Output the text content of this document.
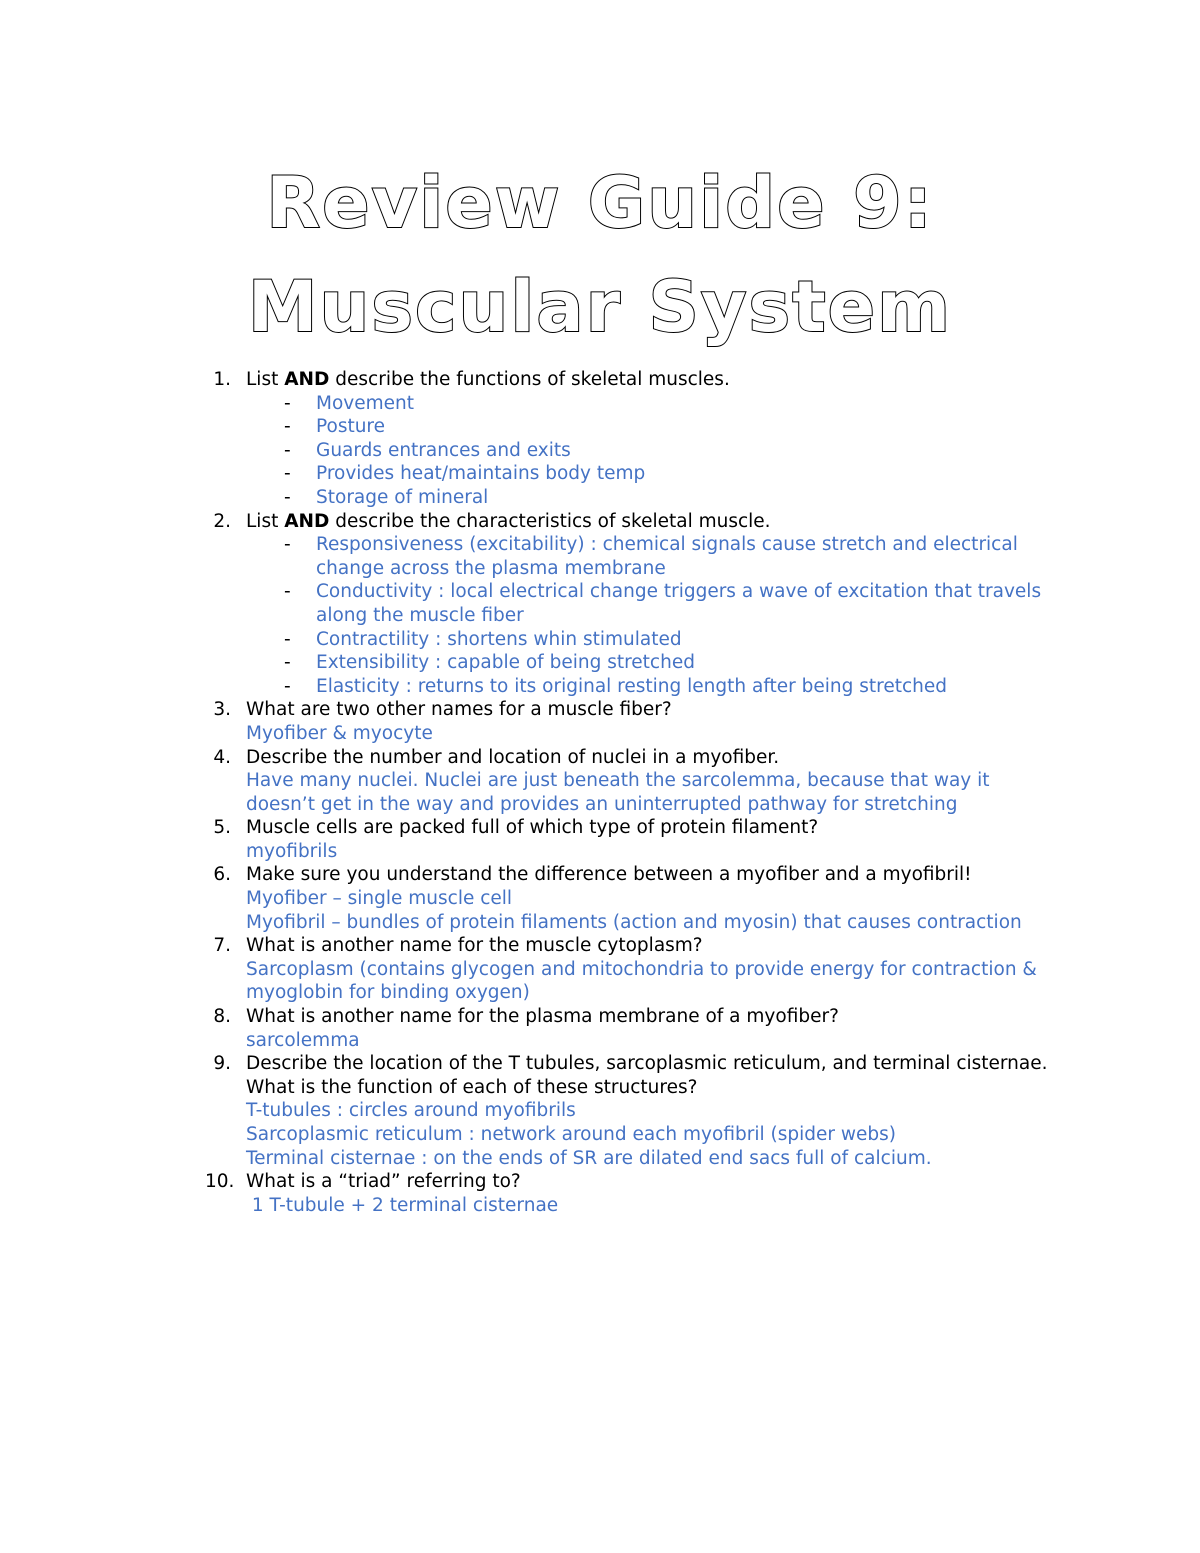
Review Guide 9:
Muscular System
1. List AND describe the functions of skeletal muscles.
- Movement
- Posture
- Guards entrances and exits
- Provides heat/maintains body temp
- Storage of mineral
2. List AND describe the characteristics of skeletal muscle.
- Responsiveness (excitability) : chemical signals cause stretch and electrical change across the plasma membrane
- Conductivity : local electrical change triggers a wave of excitation that travels along the muscle fiber
- Contractility : shortens whin stimulated
- Extensibility : capable of being stretched
- Elasticity : returns to its original resting length after being stretched
3. What are two other names for a muscle fiber?
Myofiber & myocyte
4. Describe the number and location of nuclei in a myofiber.
Have many nuclei. Nuclei are just beneath the sarcolemma, because that way it doesn’t get in the way and provides an uninterrupted pathway for stretching
5. Muscle cells are packed full of which type of protein filament?
myofibrils
6. Make sure you understand the difference between a myofiber and a myofibril!
Myofiber – single muscle cell
Myofibril – bundles of protein filaments (action and myosin) that causes contraction
7. What is another name for the muscle cytoplasm?
Sarcoplasm (contains glycogen and mitochondria to provide energy for contraction & myoglobin for binding oxygen)
8. What is another name for the plasma membrane of a myofiber?
sarcolemma
9. Describe the location of the T tubules, sarcoplasmic reticulum, and terminal cisternae. What is the function of each of these structures?
T-tubules : circles around myofibrils
Sarcoplasmic reticulum : network around each myofibril (spider webs)
Terminal cisternae : on the ends of SR are dilated end sacs full of calcium.
10. What is a “triad” referring to?
1 T-tubule + 2 terminal cisternae
